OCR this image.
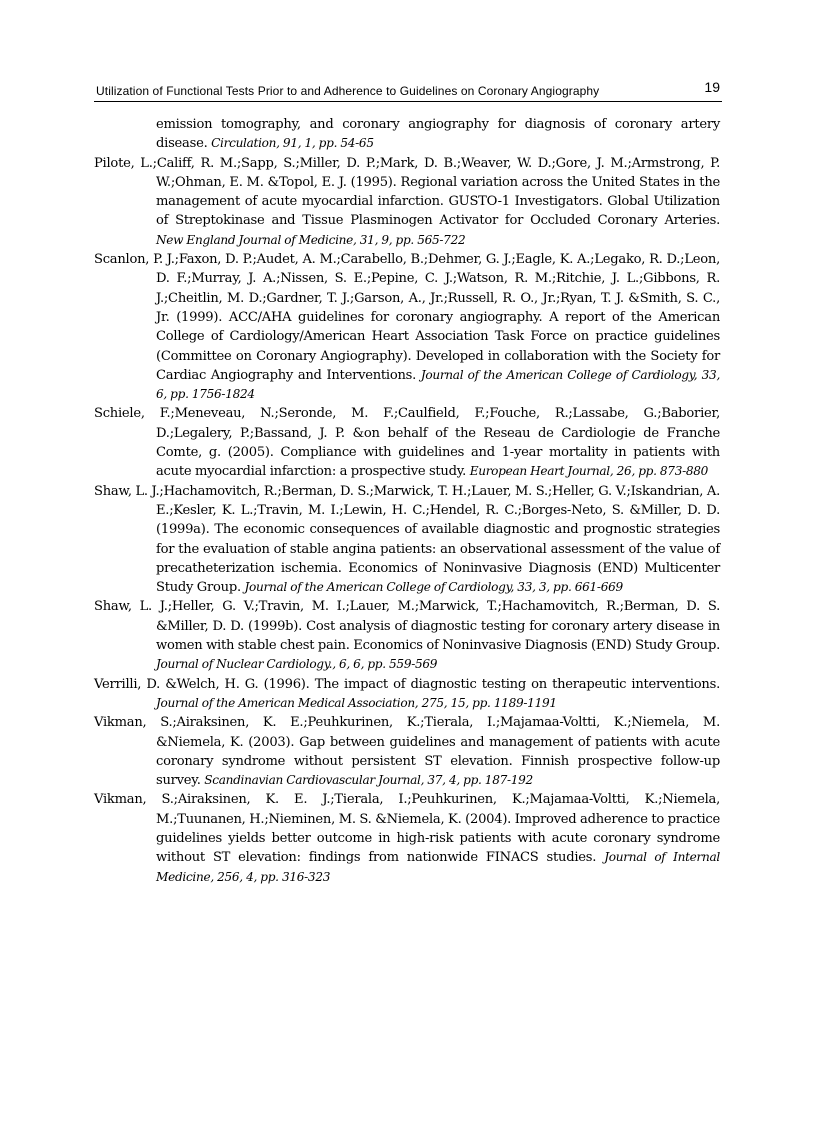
Utilization of Functional Tests Prior to and Adherence to Guidelines on Coronary Angiography	19

emission tomography, and coronary angiography for diagnosis of coronary artery disease. Circulation, 91, 1, pp. 54-65

Pilote, L.;Califf, R. M.;Sapp, S.;Miller, D. P.;Mark, D. B.;Weaver, W. D.;Gore, J. M.;Armstrong, P. W.;Ohman, E. M. &Topol, E. J. (1995). Regional variation across the United States in the management of acute myocardial infarction. GUSTO-1 Investigators. Global Utilization of Streptokinase and Tissue Plasminogen Activator for Occluded Coronary Arteries. New England Journal of Medicine, 31, 9, pp. 565-722

Scanlon, P. J.;Faxon, D. P.;Audet, A. M.;Carabello, B.;Dehmer, G. J.;Eagle, K. A.;Legako, R. D.;Leon, D. F.;Murray, J. A.;Nissen, S. E.;Pepine, C. J.;Watson, R. M.;Ritchie, J. L.;Gibbons, R. J.;Cheitlin, M. D.;Gardner, T. J.;Garson, A., Jr.;Russell, R. O., Jr.;Ryan, T. J. &Smith, S. C., Jr. (1999). ACC/AHA guidelines for coronary angiography. A report of the American College of Cardiology/American Heart Association Task Force on practice guidelines (Committee on Coronary Angiography). Developed in collaboration with the Society for Cardiac Angiography and Interventions. Journal of the American College of Cardiology, 33, 6, pp. 1756-1824

Schiele, F.;Meneveau, N.;Seronde, M. F.;Caulfield, F.;Fouche, R.;Lassabe, G.;Baborier, D.;Legalery, P.;Bassand, J. P. &on behalf of the Reseau de Cardiologie de Franche Comte, g. (2005). Compliance with guidelines and 1-year mortality in patients with acute myocardial infarction: a prospective study. European Heart Journal, 26, pp. 873-880

Shaw, L. J.;Hachamovitch, R.;Berman, D. S.;Marwick, T. H.;Lauer, M. S.;Heller, G. V.;Iskandrian, A. E.;Kesler, K. L.;Travin, M. I.;Lewin, H. C.;Hendel, R. C.;Borges-Neto, S. &Miller, D. D. (1999a). The economic consequences of available diagnostic and prognostic strategies for the evaluation of stable angina patients: an observational assessment of the value of precatheterization ischemia. Economics of Noninvasive Diagnosis (END) Multicenter Study Group. Journal of the American College of Cardiology, 33, 3, pp. 661-669

Shaw, L. J.;Heller, G. V.;Travin, M. I.;Lauer, M.;Marwick, T.;Hachamovitch, R.;Berman, D. S. &Miller, D. D. (1999b). Cost analysis of diagnostic testing for coronary artery disease in women with stable chest pain. Economics of Noninvasive Diagnosis (END) Study Group. Journal of Nuclear Cardiology., 6, 6, pp. 559-569

Verrilli, D. &Welch, H. G. (1996). The impact of diagnostic testing on therapeutic interventions. Journal of the American Medical Association, 275, 15, pp. 1189-1191

Vikman, S.;Airaksinen, K. E.;Peuhkurinen, K.;Tierala, I.;Majamaa-Voltti, K.;Niemela, M. &Niemela, K. (2003). Gap between guidelines and management of patients with acute coronary syndrome without persistent ST elevation. Finnish prospective follow-up survey. Scandinavian Cardiovascular Journal, 37, 4, pp. 187-192

Vikman, S.;Airaksinen, K. E. J.;Tierala, I.;Peuhkurinen, K.;Majamaa-Voltti, K.;Niemela, M.;Tuunanen, H.;Nieminen, M. S. &Niemela, K. (2004). Improved adherence to practice guidelines yields better outcome in high-risk patients with acute coronary syndrome without ST elevation: findings from nationwide FINACS studies. Journal of Internal Medicine, 256, 4, pp. 316-323
